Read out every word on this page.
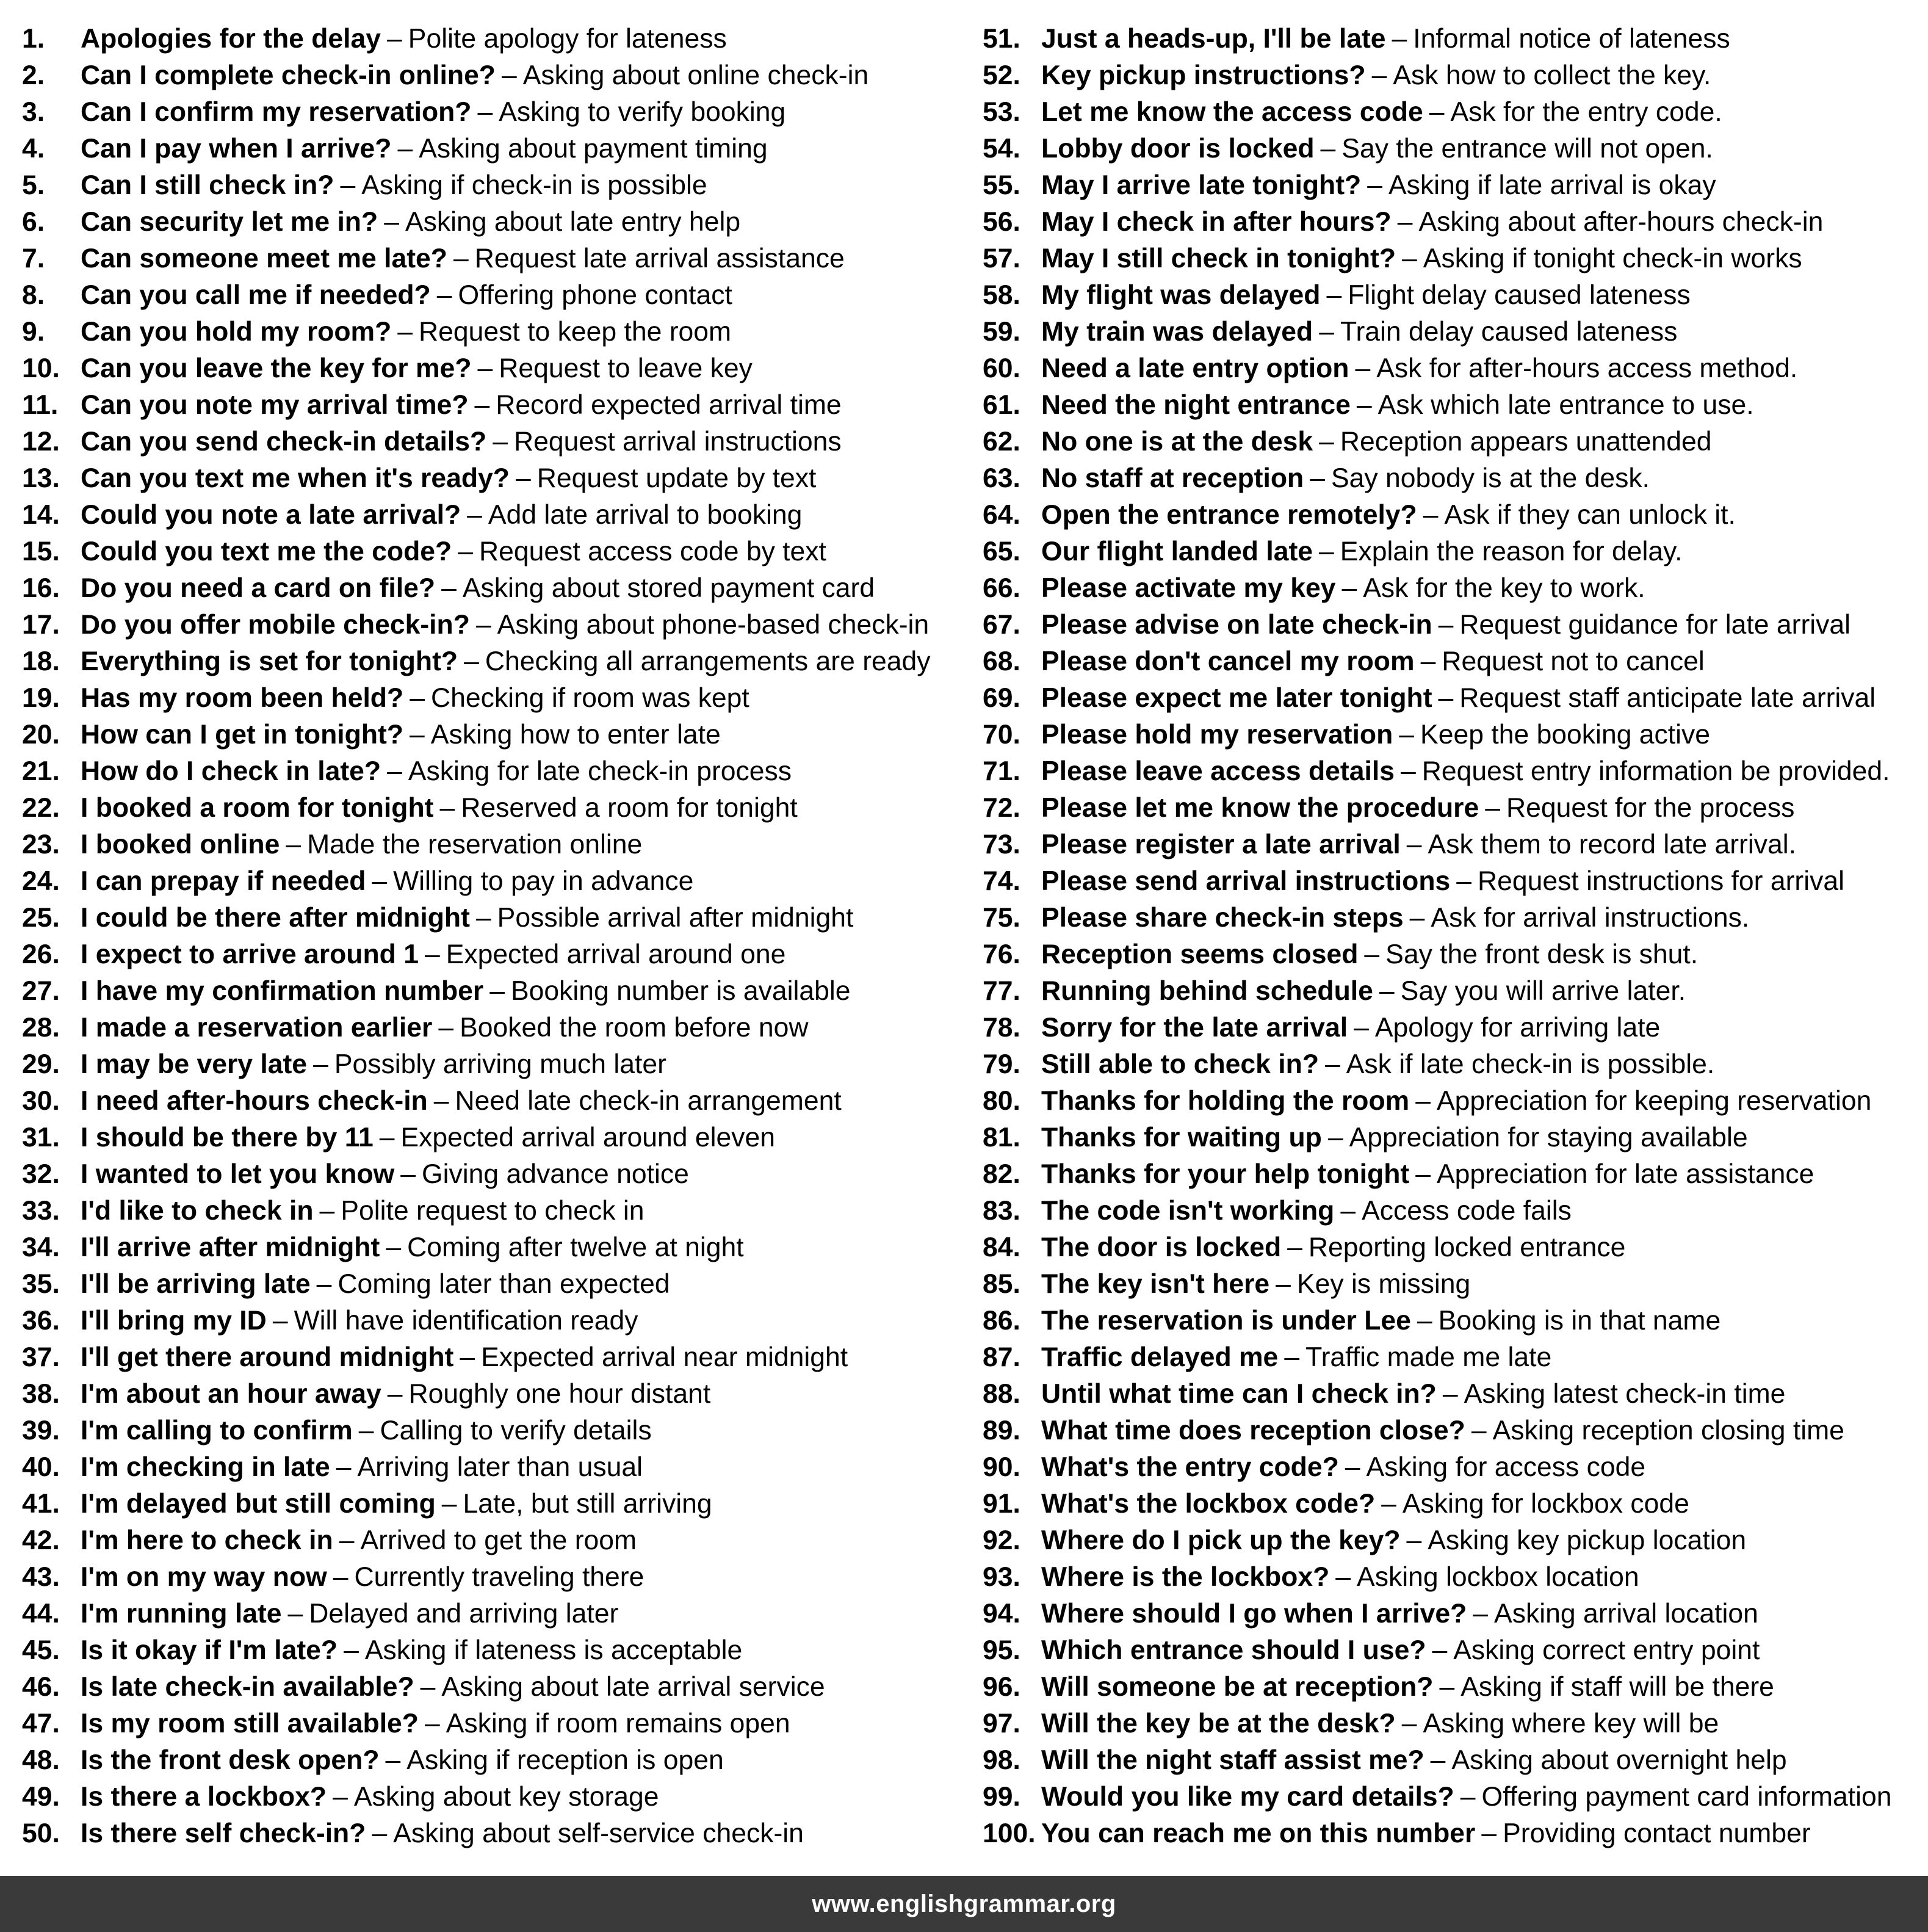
1.	Apologies for the delay – Polite apology for lateness
2.	Can I complete check-in online? – Asking about online check-in
3.	Can I confirm my reservation? – Asking to verify booking
4.	Can I pay when I arrive? – Asking about payment timing
5.	Can I still check in? – Asking if check-in is possible
6.	Can security let me in? – Asking about late entry help
7.	Can someone meet me late? – Request late arrival assistance
8.	Can you call me if needed? – Offering phone contact
9.	Can you hold my room? – Request to keep the room
10. Can you leave the key for me? – Request to leave key
11. Can you note my arrival time? – Record expected arrival time
12. Can you send check-in details? – Request arrival instructions
13. Can you text me when it's ready? – Request update by text
14. Could you note a late arrival? – Add late arrival to booking
15. Could you text me the code? – Request access code by text
16. Do you need a card on file? – Asking about stored payment card
17. Do you offer mobile check-in? – Asking about phone-based check-in
18. Everything is set for tonight? – Checking all arrangements are ready
19. Has my room been held? – Checking if room was kept
20. How can I get in tonight? – Asking how to enter late
21. How do I check in late? – Asking for late check-in process
22. I booked a room for tonight – Reserved a room for tonight
23. I booked online – Made the reservation online
24. I can prepay if needed – Willing to pay in advance
25. I could be there after midnight – Possible arrival after midnight
26. I expect to arrive around 1 – Expected arrival around one
27. I have my confirmation number – Booking number is available
28. I made a reservation earlier – Booked the room before now
29. I may be very late – Possibly arriving much later
30. I need after-hours check-in – Need late check-in arrangement
31. I should be there by 11 – Expected arrival around eleven
32. I wanted to let you know – Giving advance notice
33. I'd like to check in – Polite request to check in
34. I'll arrive after midnight – Coming after twelve at night
35. I'll be arriving late – Coming later than expected
36. I'll bring my ID – Will have identification ready
37. I'll get there around midnight – Expected arrival near midnight
38. I'm about an hour away – Roughly one hour distant
39. I'm calling to confirm – Calling to verify details
40. I'm checking in late – Arriving later than usual
41. I'm delayed but still coming – Late, but still arriving
42. I'm here to check in – Arrived to get the room
43. I'm on my way now – Currently traveling there
44. I'm running late – Delayed and arriving later
45. Is it okay if I'm late? – Asking if lateness is acceptable
46. Is late check-in available? – Asking about late arrival service
47. Is my room still available? – Asking if room remains open
48. Is the front desk open? – Asking if reception is open
49. Is there a lockbox? – Asking about key storage
50. Is there self check-in? – Asking about self-service check-in
51. Just a heads-up, I'll be late – Informal notice of lateness
52. Key pickup instructions? – Ask how to collect the key.
53. Let me know the access code – Ask for the entry code.
54. Lobby door is locked – Say the entrance will not open.
55. May I arrive late tonight? – Asking if late arrival is okay
56. May I check in after hours? – Asking about after-hours check-in
57. May I still check in tonight? – Asking if tonight check-in works
58. My flight was delayed – Flight delay caused lateness
59. My train was delayed – Train delay caused lateness
60. Need a late entry option – Ask for after-hours access method.
61. Need the night entrance – Ask which late entrance to use.
62. No one is at the desk – Reception appears unattended
63. No staff at reception – Say nobody is at the desk.
64. Open the entrance remotely? – Ask if they can unlock it.
65. Our flight landed late – Explain the reason for delay.
66. Please activate my key – Ask for the key to work.
67. Please advise on late check-in – Request guidance for late arrival
68. Please don't cancel my room – Request not to cancel
69. Please expect me later tonight – Request staff anticipate late arrival
70. Please hold my reservation – Keep the booking active
71. Please leave access details – Request entry information be provided.
72. Please let me know the procedure – Request for the process
73. Please register a late arrival – Ask them to record late arrival.
74. Please send arrival instructions – Request instructions for arrival
75. Please share check-in steps – Ask for arrival instructions.
76. Reception seems closed – Say the front desk is shut.
77. Running behind schedule – Say you will arrive later.
78. Sorry for the late arrival – Apology for arriving late
79. Still able to check in? – Ask if late check-in is possible.
80. Thanks for holding the room – Appreciation for keeping reservation
81. Thanks for waiting up – Appreciation for staying available
82. Thanks for your help tonight – Appreciation for late assistance
83. The code isn't working – Access code fails
84. The door is locked – Reporting locked entrance
85. The key isn't here – Key is missing
86. The reservation is under Lee – Booking is in that name
87. Traffic delayed me – Traffic made me late
88. Until what time can I check in? – Asking latest check-in time
89. What time does reception close? – Asking reception closing time
90. What's the entry code? – Asking for access code
91. What's the lockbox code? – Asking for lockbox code
92. Where do I pick up the key? – Asking key pickup location
93. Where is the lockbox? – Asking lockbox location
94. Where should I go when I arrive? – Asking arrival location
95. Which entrance should I use? – Asking correct entry point
96. Will someone be at reception? – Asking if staff will be there
97. Will the key be at the desk? – Asking where key will be
98. Will the night staff assist me? – Asking about overnight help
99. Would you like my card details? – Offering payment card information
100. You can reach me on this number – Providing contact number
www.englishgrammar.org
